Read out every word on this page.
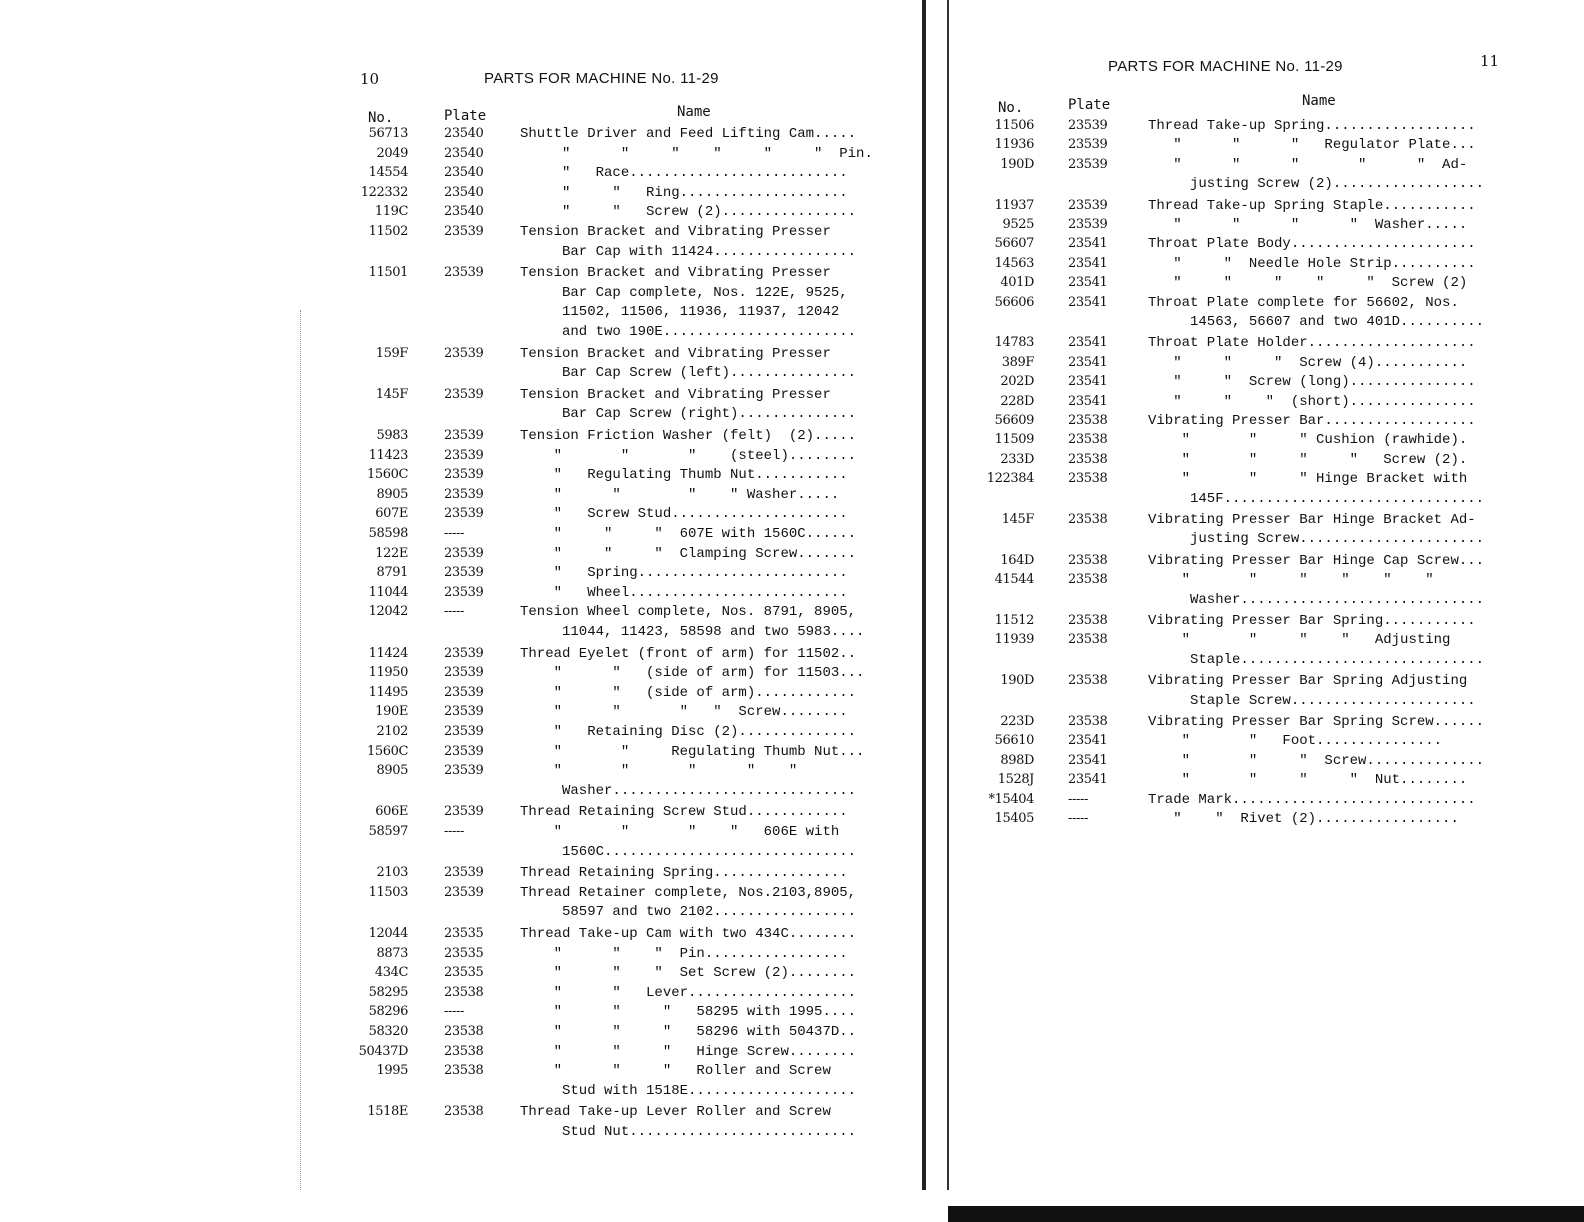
10	PARTS FOR MACHINE No. 11-29
No.	Plate	Name
56713	23540	Shuttle Driver and Feed Lifting Cam.....
2049	23540	"      "     "    "     "     "  Pin.
14554	23540	"   Race..........................
122332	23540	"     "   Ring....................
119C	23540	"     "   Screw (2)................
11502	23539	Tension Bracket and Vibrating Presser
Bar Cap with 11424.................
11501	23539	Tension Bracket and Vibrating Presser
Bar Cap complete, Nos. 122E, 9525,
11502, 11506, 11936, 11937, 12042
and two 190E.......................
159F	23539	Tension Bracket and Vibrating Presser
Bar Cap Screw (left)...............
145F	23539	Tension Bracket and Vibrating Presser
Bar Cap Screw (right)..............
5983	23539	Tension Friction Washer (felt)  (2).....
11423	23539	"       "       "    (steel)........
1560C	23539	"   Regulating Thumb Nut...........
8905	23539	"      "        "    " Washer.....
607E	23539	"   Screw Stud.....................
58598	-----	"     "     "  607E with 1560C......
122E	23539	"     "     "  Clamping Screw.......
8791	23539	"   Spring.........................
11044	23539	"   Wheel..........................
12042	-----	Tension Wheel complete, Nos. 8791, 8905,
11044, 11423, 58598 and two 5983....
11424	23539	Thread Eyelet (front of arm) for 11502..
11950	23539	"      "   (side of arm) for 11503...
11495	23539	"      "   (side of arm)............
190E	23539	"      "       "   "  Screw........
2102	23539	"   Retaining Disc (2)..............
1560C	23539	"       "     Regulating Thumb Nut...
8905	23539	"       "       "      "    "
Washer.............................
606E	23539	Thread Retaining Screw Stud............
58597	-----	"       "       "    "   606E with
1560C..............................
2103	23539	Thread Retaining Spring................
11503	23539	Thread Retainer complete, Nos.2103,8905,
58597 and two 2102.................
12044	23535	Thread Take-up Cam with two 434C........
8873	23535	"      "    "  Pin.................
434C	23535	"      "    "  Set Screw (2)........
58295	23538	"      "   Lever....................
58296	-----	"      "     "   58295 with 1995....
58320	23538	"      "     "   58296 with 50437D..
50437D	23538	"      "     "   Hinge Screw........
1995	23538	"      "     "   Roller and Screw
Stud with 1518E....................
1518E	23538	Thread Take-up Lever Roller and Screw
Stud Nut...........................
11
PARTS FOR MACHINE No. 11-29
No.	Plate	Name
11506	23539	Thread Take-up Spring..................
11936	23539	"      "      "   Regulator Plate...
190D	23539	"      "      "       "      "  Ad-
justing Screw (2)..................
11937	23539	Thread Take-up Spring Staple...........
9525	23539	"      "      "      "  Washer.....
56607	23541	Throat Plate Body......................
14563	23541	"     "  Needle Hole Strip..........
401D	23541	"     "     "    "     "  Screw (2)
56606	23541	Throat Plate complete for 56602, Nos.
14563, 56607 and two 401D..........
14783	23541	Throat Plate Holder....................
389F	23541	"     "     "  Screw (4)...........
202D	23541	"     "  Screw (long)...............
228D	23541	"     "    "  (short)...............
56609	23538	Vibrating Presser Bar..................
11509	23538	"       "     " Cushion (rawhide).
233D	23538	"       "     "     "   Screw (2).
122384	23538	"       "     " Hinge Bracket with
145F...............................
145F	23538	Vibrating Presser Bar Hinge Bracket Ad-
justing Screw......................
164D	23538	Vibrating Presser Bar Hinge Cap Screw...
41544	23538	"       "     "    "    "    "
Washer.............................
11512	23538	Vibrating Presser Bar Spring...........
11939	23538	"       "     "    "   Adjusting
Staple.............................
190D	23538	Vibrating Presser Bar Spring Adjusting
Staple Screw......................
223D	23538	Vibrating Presser Bar Spring Screw......
56610	23541	"       "   Foot...............
898D	23541	"       "     "  Screw..............
1528J	23541	"       "     "     "  Nut........
*15404	-----	Trade Mark.............................
15405	-----	"    "  Rivet (2).................
